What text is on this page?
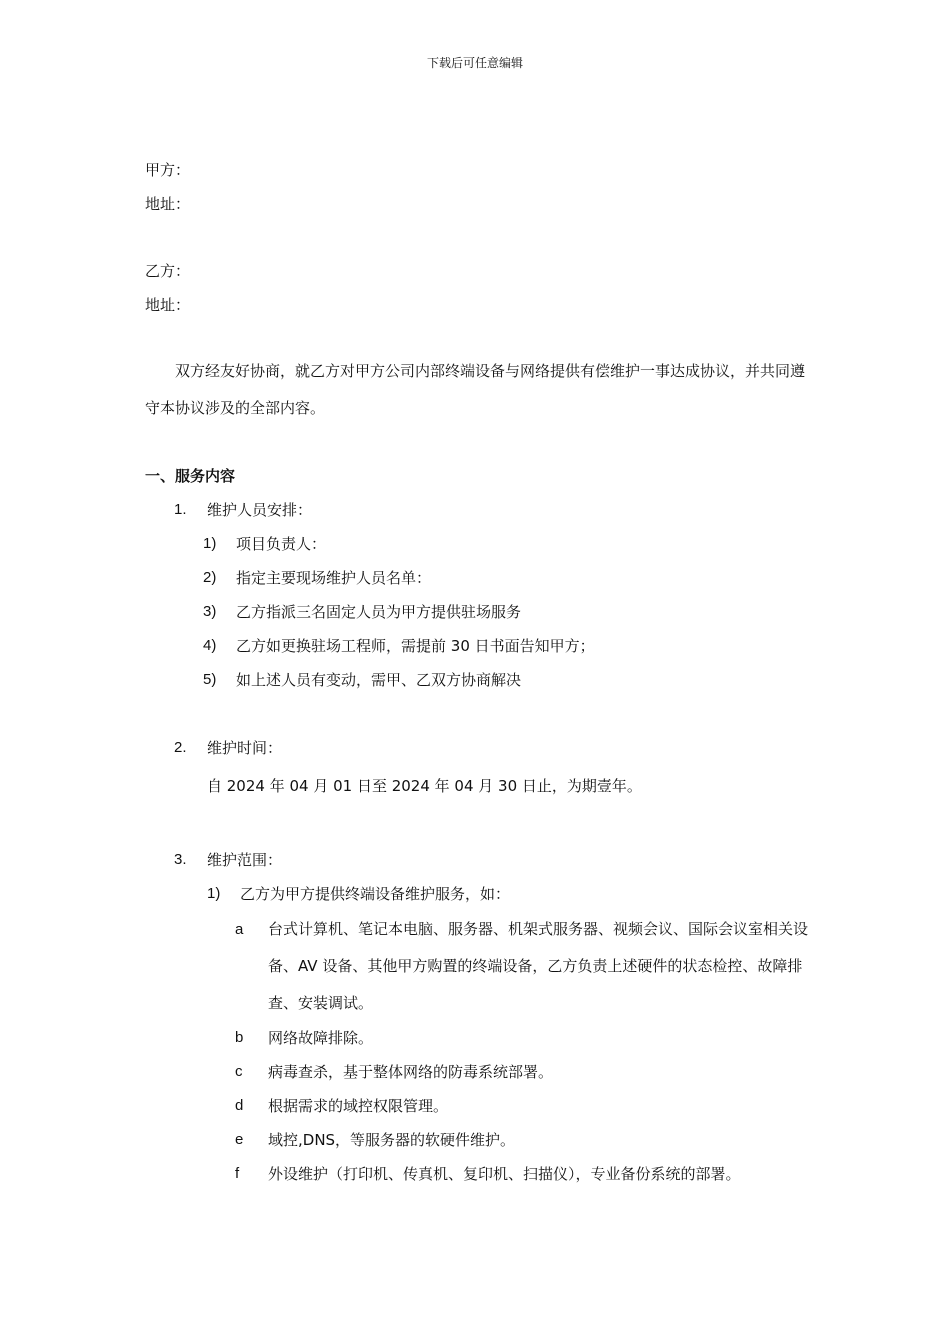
下载后可任意编辑
甲方：
地址：
乙方：
地址：
双方经友好协商，就乙方对甲方公司内部终端设备与网络提供有偿维护一事达成协议，并共同遵守本协议涉及的全部内容。
一、服务内容
1. 维护人员安排：
1) 项目负责人：
2) 指定主要现场维护人员名单：
3) 乙方指派三名固定人员为甲方提供驻场服务
4) 乙方如更换驻场工程师，需提前 30 日书面告知甲方；
5) 如上述人员有变动，需甲、乙双方协商解决
2. 维护时间：
自 2024 年 04 月 01 日至 2024 年 04 月 30 日止，为期壹年。
3. 维护范围：
1) 乙方为甲方提供终端设备维护服务，如：
a 台式计算机、笔记本电脑、服务器、机架式服务器、视频会议、国际会议室相关设备、AV 设备、其他甲方购置的终端设备，乙方负责上述硬件的状态检控、故障排查、安装调试。
b 网络故障排除。
c 病毒查杀，基于整体网络的防毒系统部署。
d 根据需求的域控权限管理。
e 域控,DNS，等服务器的软硬件维护。
f 外设维护（打印机、传真机、复印机、扫描仪），专业备份系统的部署。
